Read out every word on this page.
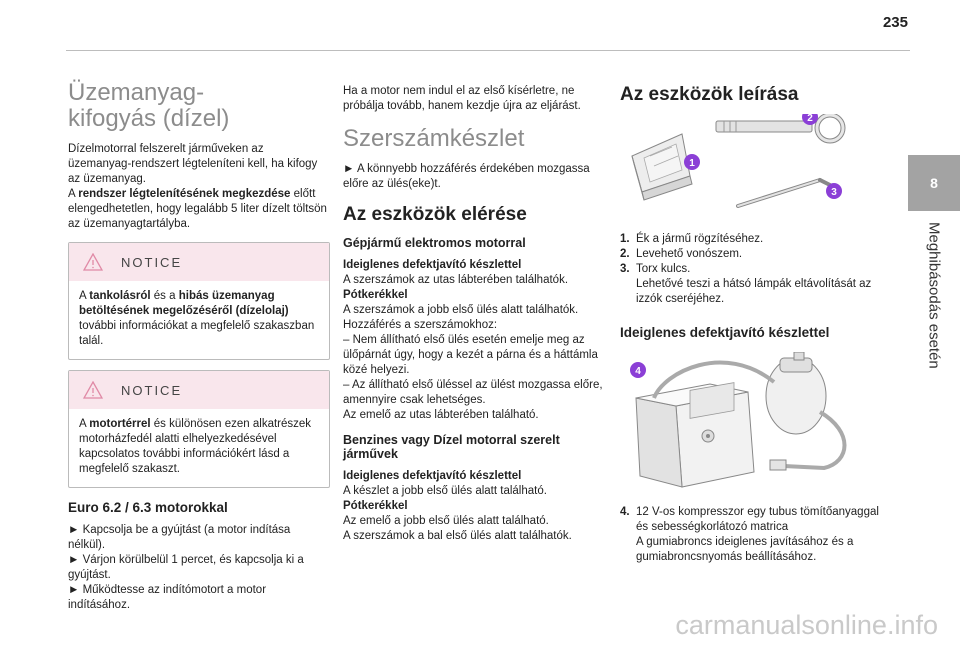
235
8
Meghibásodás esetén
Üzemanyag-kifogyás (dízel)

Dízelmotorral felszerelt járműveken az üzemanyag-rendszert légteleníteni kell, ha kifogy az üzemanyag.

A rendszer légtelenítésének megkezdése előtt elengedhetetlen, hogy legalább 5 liter dízelt töltsön az üzemanyagtartályba.

NOTICE

A tankolásról és a hibás üzemanyag betöltésének megelőzéséről (dízelolaj) további információkat a megfelelő szakaszban talál.

NOTICE

A motortérrel és különösen ezen alkatrészek motorházfedél alatti elhelyezkedésével kapcsolatos további információkért lásd a megfelelő szakaszt.

Euro 6.2 / 6.3 motorokkal

► Kapcsolja be a gyújtást (a motor indítása nélkül).

► Várjon körülbelül 1 percet, és kapcsolja ki a gyújtást.

► Működtesse az indítómotort a motor indításához.

Ha a motor nem indul el az első kísérletre, ne próbálja tovább, hanem kezdje újra az eljárást.

Szerszámkészlet

► A könnyebb hozzáférés érdekében mozgassa előre az ülés(eke)t.

Az eszközök elérése
Gépjármű elektromos motorral

Ideiglenes defektjavító készlettel

A szerszámok az utas lábterében találhatók.

Pótkerékkel

A szerszámok a jobb első ülés alatt találhatók.

Hozzáférés a szerszámokhoz:

– Nem állítható első ülés esetén emelje meg az ülőpárnát úgy, hogy a kezét a párna és a háttámla közé helyezi.

– Az állítható első üléssel az ülést mozgassa előre, amennyire csak lehetséges.

Az emelő az utas lábterében található.

Benzines vagy Dízel motorral szerelt járművek

Ideiglenes defektjavító készlettel

A készlet a jobb első ülés alatt található.

Pótkerékkel

Az emelő a jobb első ülés alatt található.

A szerszámok a bal első ülés alatt találhatók.

Az eszközök leírása
1
2
3
1. Ék a jármű rögzítéséhez.
2. Levehető vonószem.
3. Torx kulcs.
Lehetővé teszi a hátsó lámpák eltávolítását az izzók cseréjéhez.
Ideiglenes defektjavító készlettel
4
4. 12 V-os kompresszor egy tubus tömítőanyaggal és sebességkorlátozó matrica
A gumiabroncs ideiglenes javításához és a gumiabroncsnyomás beállításához.
carmanualsonline.info
